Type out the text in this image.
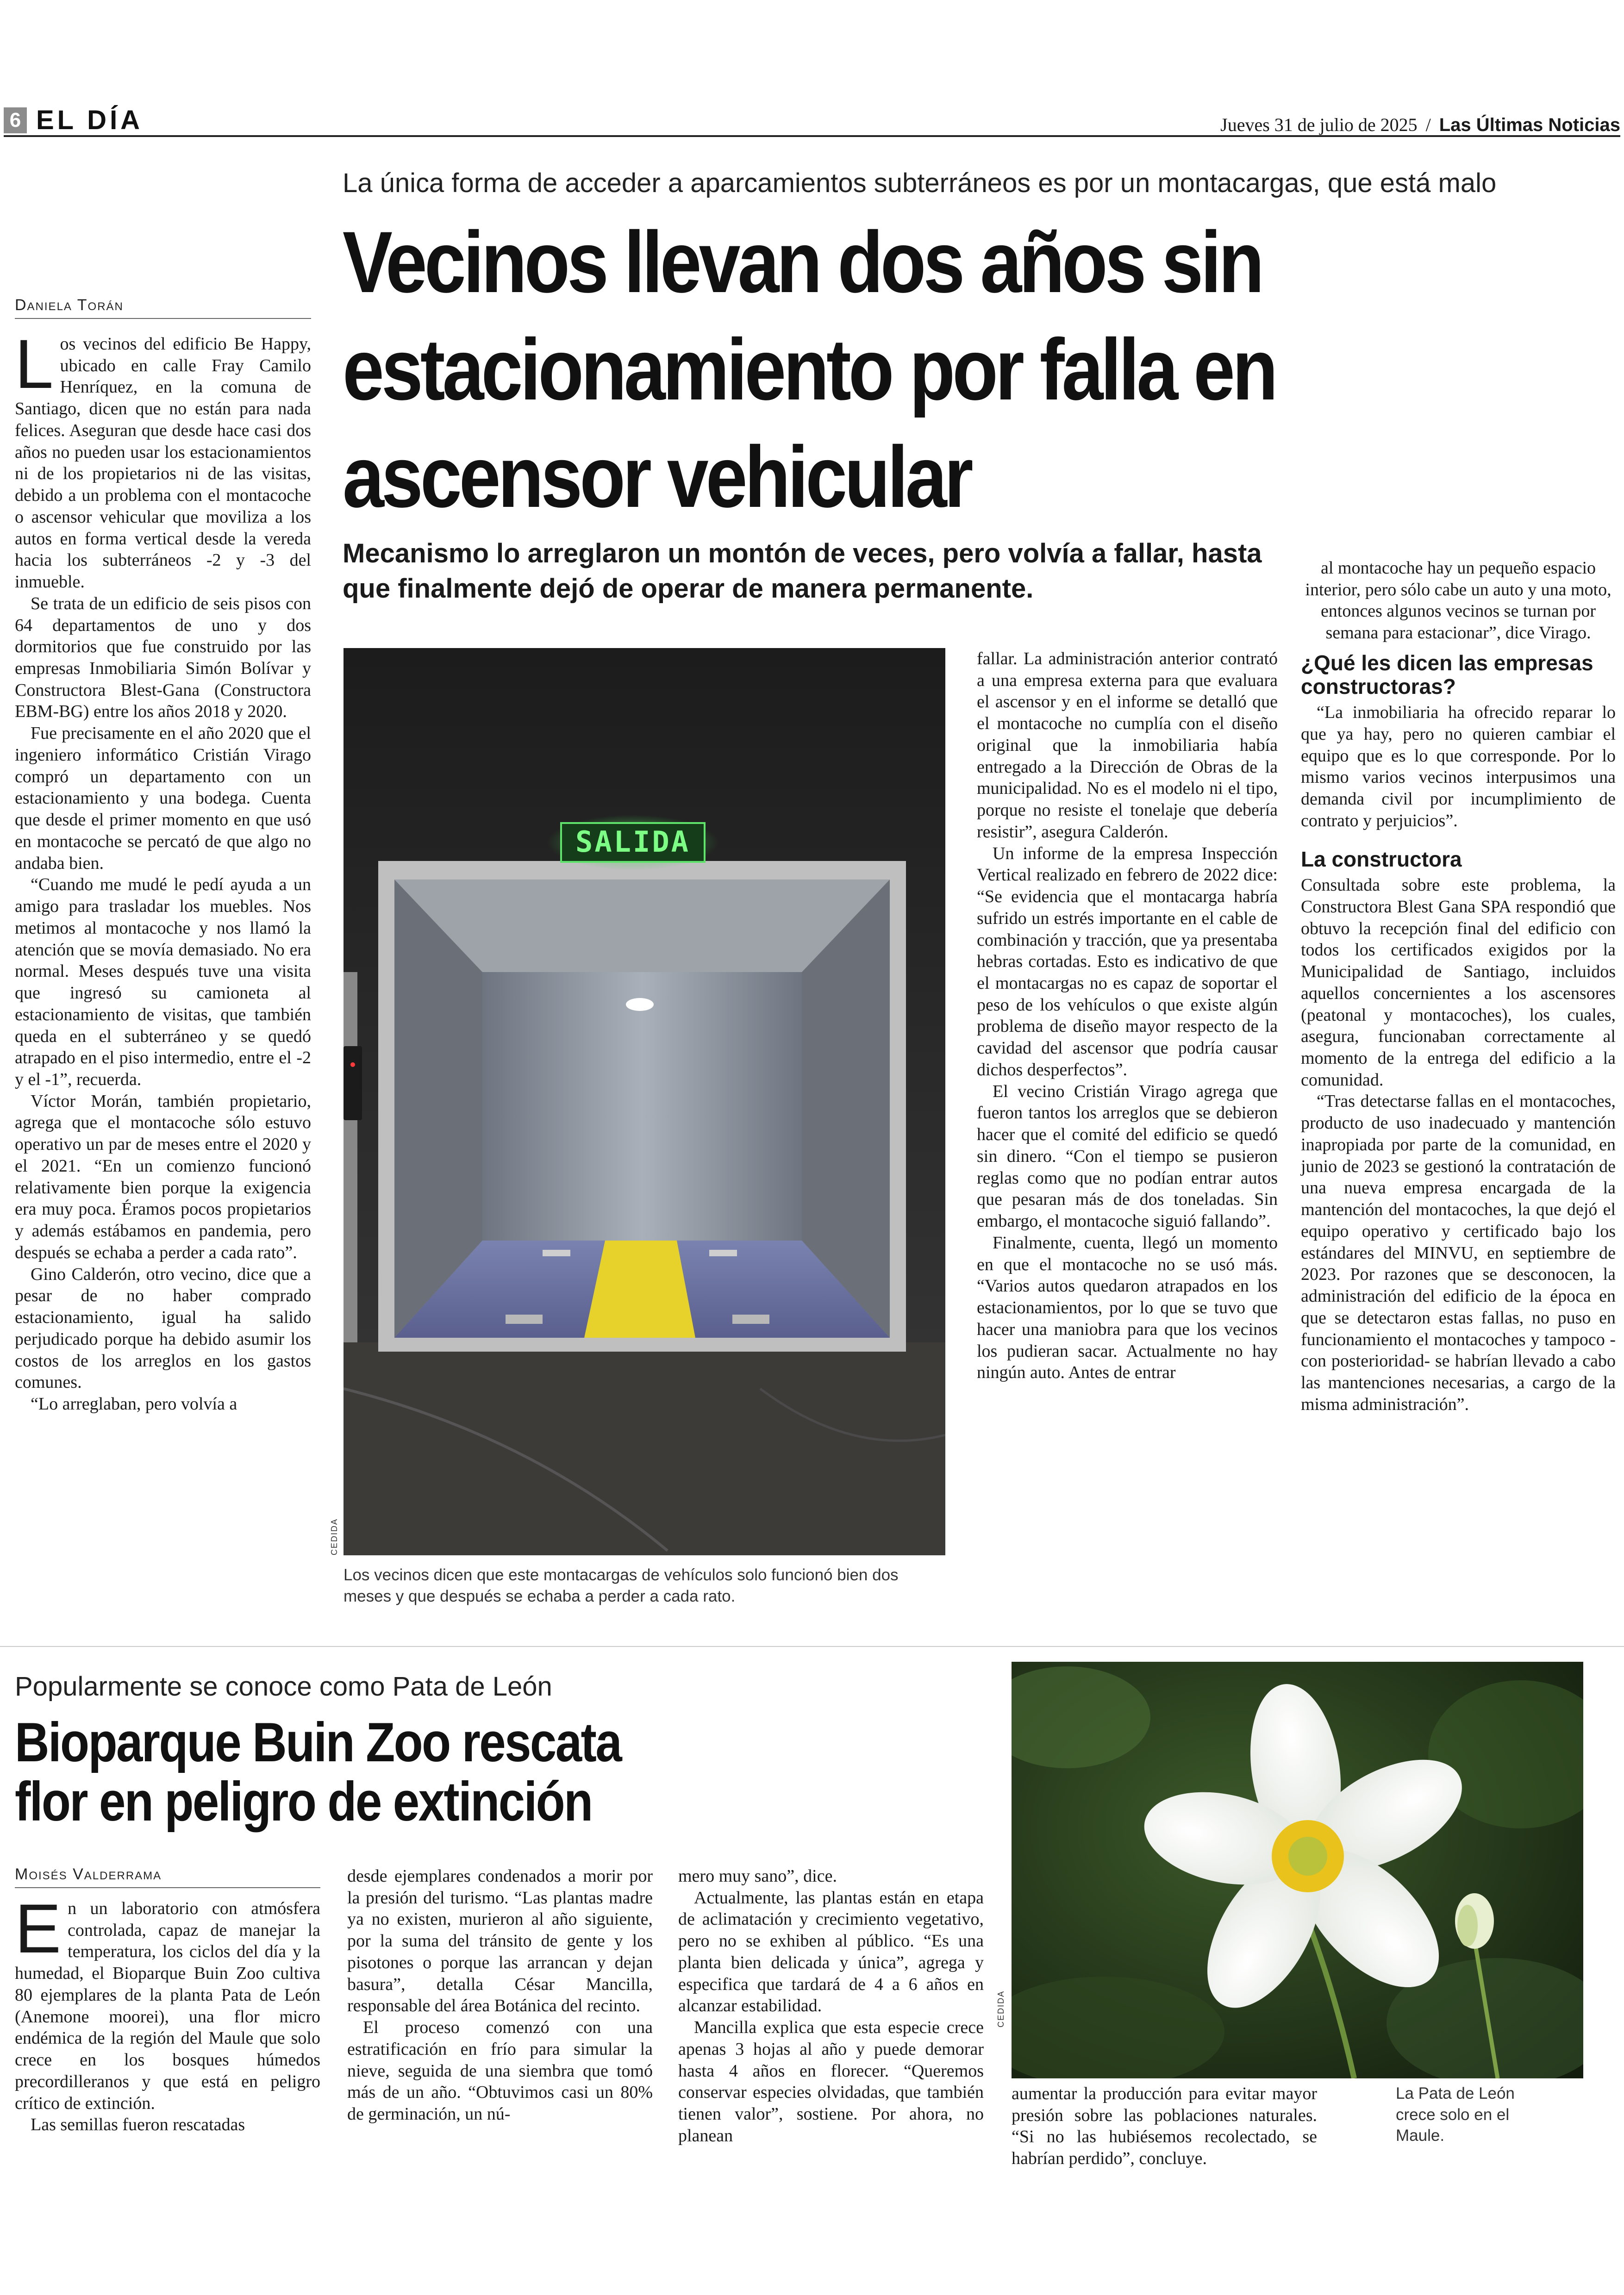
6 EL DÍA	Jueves 31 de julio de 2025 / Las Últimas Noticias
La única forma de acceder a aparcamientos subterráneos es por un montacargas, que está malo
Vecinos llevan dos años sin estacionamiento por falla en ascensor vehicular
Mecanismo lo arreglaron un montón de veces, pero volvía a fallar, hasta que finalmente dejó de operar de manera permanente.
Daniela Torán

Los vecinos del edificio Be Happy, ubicado en calle Fray Camilo Henríquez, en la comuna de Santiago, dicen que no están para nada felices. Aseguran que desde hace casi dos años no pueden usar los estacionamientos ni de los propietarios ni de las visitas, debido a un problema con el montacoche o ascensor vehicular que moviliza a los autos en forma vertical desde la vereda hacia los subterráneos -2 y -3 del inmueble.

Se trata de un edificio de seis pisos con 64 departamentos de uno y dos dormitorios que fue construido por las empresas Inmobiliaria Simón Bolívar y Constructora Blest-Gana (Constructora EBM-BG) entre los años 2018 y 2020.

Fue precisamente en el año 2020 que el ingeniero informático Cristián Virago compró un departamento con un estacionamiento y una bodega. Cuenta que desde el primer momento en que usó en montacoche se percató de que algo no andaba bien.

“Cuando me mudé le pedí ayuda a un amigo para trasladar los muebles. Nos metimos al montacoche y nos llamó la atención que se movía demasiado. No era normal. Meses después tuve una visita que ingresó su camioneta al estacionamiento de visitas, que también queda en el subterráneo y se quedó atrapado en el piso intermedio, entre el -2 y el -1”, recuerda.

Víctor Morán, también propietario, agrega que el montacoche sólo estuvo operativo un par de meses entre el 2020 y el 2021. “En un comienzo funcionó relativamente bien porque la exigencia era muy poca. Éramos pocos propietarios y además estábamos en pandemia, pero después se echaba a perder a cada rato”.

Gino Calderón, otro vecino, dice que a pesar de no haber comprado estacionamiento, igual ha salido perjudicado porque ha debido asumir los costos de los arreglos en los gastos comunes.

“Lo arreglaban, pero volvía a

SALIDA
CEDIDA
Los vecinos dicen que este montacargas de vehículos solo funcionó bien dos meses y que después se echaba a perder a cada rato.

fallar. La administración anterior contrató a una empresa externa para que evaluara el ascensor y en el informe se detalló que el montacoche no cumplía con el diseño original que la inmobiliaria había entregado a la Dirección de Obras de la municipalidad. No es el modelo ni el tipo, porque no resiste el tonelaje que debería resistir”, asegura Calderón.

Un informe de la empresa Inspección Vertical realizado en febrero de 2022 dice: “Se evidencia que el montacarga habría sufrido un estrés importante en el cable de combinación y tracción, que ya presentaba hebras cortadas. Esto es indicativo de que el montacargas no es capaz de soportar el peso de los vehículos o que existe algún problema de diseño mayor respecto de la cavidad del ascensor que podría causar dichos desperfectos”.

El vecino Cristián Virago agrega que fueron tantos los arreglos que se debieron hacer que el comité del edificio se quedó sin dinero. “Con el tiempo se pusieron reglas como que no podían entrar autos que pesaran más de dos toneladas. Sin embargo, el montacoche siguió fallando”.

Finalmente, cuenta, llegó un momento en que el montacoche no se usó más. “Varios autos quedaron atrapados en los estacionamientos, por lo que se tuvo que hacer una maniobra para que los vecinos los pudieran sacar. Actualmente no hay ningún auto. Antes de entrar

al montacoche hay un pequeño espacio interior, pero sólo cabe un auto y una moto, entonces algunos vecinos se turnan por semana para estacionar”, dice Virago.

¿Qué les dicen las empresas constructoras?

“La inmobiliaria ha ofrecido reparar lo que ya hay, pero no quieren cambiar el equipo que es lo que corresponde. Por lo mismo varios vecinos interpusimos una demanda civil por incumplimiento de contrato y perjuicios”.

La constructora

Consultada sobre este problema, la Constructora Blest Gana SPA respondió que obtuvo la recepción final del edificio con todos los certificados exigidos por la Municipalidad de Santiago, incluidos aquellos concernientes a los ascensores (peatonal y montacoches), los cuales, asegura, funcionaban correctamente al momento de la entrega del edificio a la comunidad.

“Tras detectarse fallas en el montacoches, producto de uso inadecuado y mantención inapropiada por parte de la comunidad, en junio de 2023 se gestionó la contratación de una nueva empresa encargada de la mantención del montacoches, la que dejó el equipo operativo y certificado bajo los estándares del MINVU, en septiembre de 2023. Por razones que se desconocen, la administración del edificio de la época en que se detectaron estas fallas, no puso en funcionamiento el montacoches y tampoco -con posterioridad- se habrían llevado a cabo las mantenciones necesarias, a cargo de la misma administración”.

Popularmente se conoce como Pata de León
Bioparque Buin Zoo rescata flor en peligro de extinción
Moisés Valderrama

En un laboratorio con atmósfera controlada, capaz de manejar la temperatura, los ciclos del día y la humedad, el Bioparque Buin Zoo cultiva 80 ejemplares de la planta Pata de León (Anemone moorei), una flor micro endémica de la región del Maule que solo crece en los bosques húmedos precordilleranos y que está en peligro crítico de extinción.

Las semillas fueron rescatadas

desde ejemplares condenados a morir por la presión del turismo. “Las plantas madre ya no existen, murieron al año siguiente, por la suma del tránsito de gente y los pisotones o porque las arrancan y dejan basura”, detalla César Mancilla, responsable del área Botánica del recinto.

El proceso comenzó con una estratificación en frío para simular la nieve, seguida de una siembra que tomó más de un año. “Obtuvimos casi un 80% de germinación, un nú-

mero muy sano”, dice.

Actualmente, las plantas están en etapa de aclimatación y crecimiento vegetativo, pero no se exhiben al público. “Es una planta bien delicada y única”, agrega y especifica que tardará de 4 a 6 años en alcanzar estabilidad.

Mancilla explica que esta especie crece apenas 3 hojas al año y puede demorar hasta 4 años en florecer. “Queremos conservar especies olvidadas, que también tienen valor”, sostiene. Por ahora, no planean

CEDIDA

aumentar la producción para evitar mayor presión sobre las poblaciones naturales. “Si no las hubiésemos recolectado, se habrían perdido”, concluye.

La Pata de León crece solo en el Maule.
